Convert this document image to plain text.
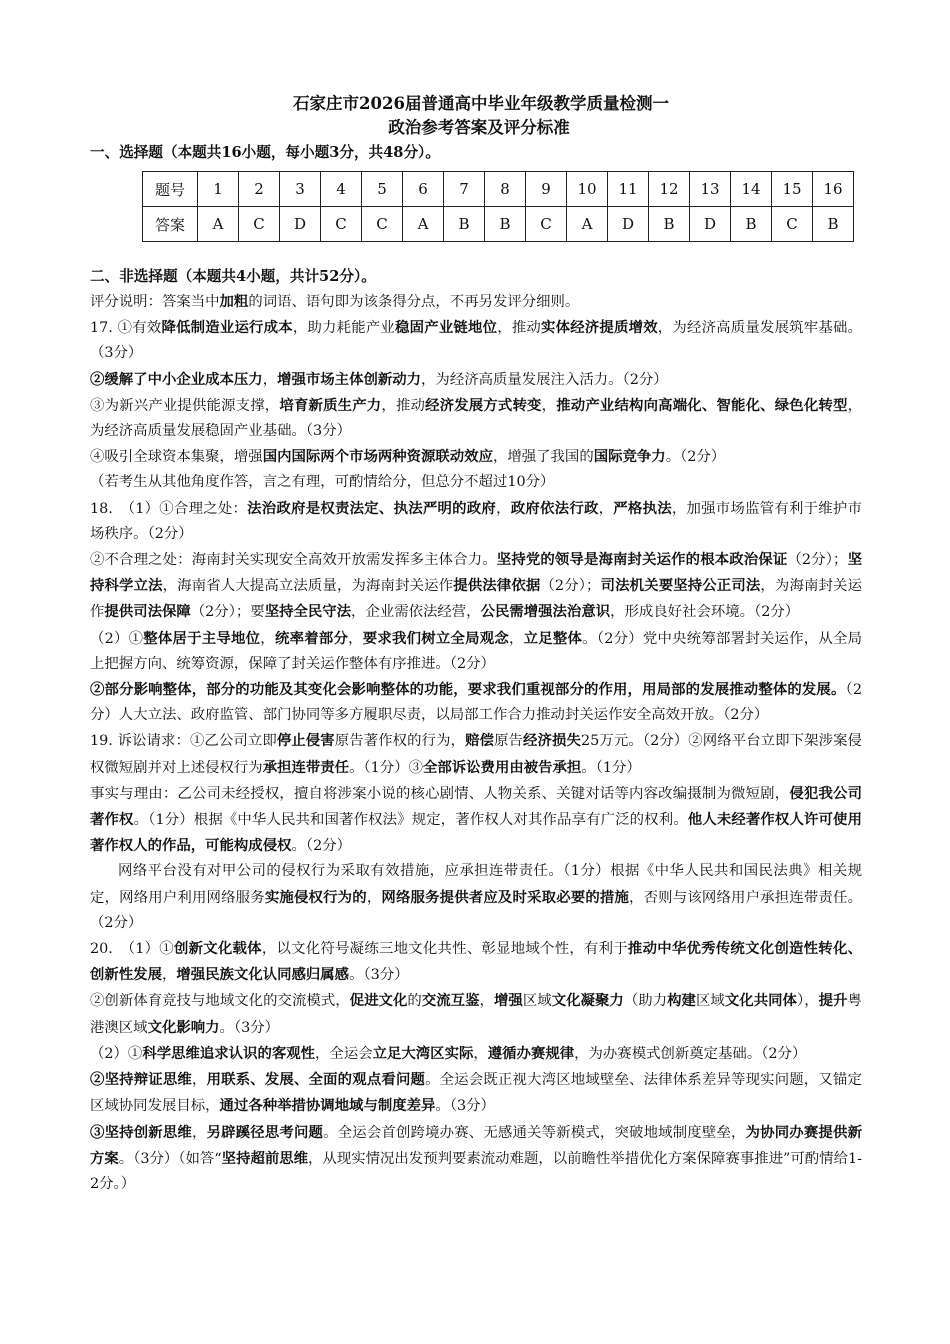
石家庄市2026届普通高中毕业年级教学质量检测一
政治参考答案及评分标准
一、选择题（本题共16小题，每小题3分，共48分）。
题号	1	2	3	4	5	6	7	8	9	10	11	12	13	14	15	16
答案	A	C	D	C	C	A	B	B	C	A	D	B	D	B	C	B
二、非选择题（本题共4小题，共计52分）。

评分说明：答案当中加粗的词语、语句即为该条得分点，不再另发评分细则。

17. ①有效降低制造业运行成本，助力耗能产业稳固产业链地位，推动实体经济提质增效，为经济高质量发展筑牢基础。（3分）

②缓解了中小企业成本压力，增强市场主体创新动力，为经济高质量发展注入活力。（2分）

③为新兴产业提供能源支撑，培育新质生产力，推动经济发展方式转变，推动产业结构向高端化、智能化、绿色化转型，为经济高质量发展稳固产业基础。（3分）

④吸引全球资本集聚，增强国内国际两个市场两种资源联动效应，增强了我国的国际竞争力。（2分）

（若考生从其他角度作答，言之有理，可酌情给分，但总分不超过10分）

18.　（1）①合理之处：法治政府是权责法定、执法严明的政府，政府依法行政，严格执法，加强市场监管有利于维护市场秩序。（2分）

②不合理之处：海南封关实现安全高效开放需发挥多主体合力。坚持党的领导是海南封关运作的根本政治保证（2分）；坚持科学立法，海南省人大提高立法质量，为海南封关运作提供法律依据（2分）；司法机关要坚持公正司法，为海南封关运作提供司法保障（2分）；要坚持全民守法，企业需依法经营，公民需增强法治意识，形成良好社会环境。（2分）

（2）①整体居于主导地位，统率着部分，要求我们树立全局观念，立足整体。（2分）党中央统筹部署封关运作，从全局上把握方向、统筹资源，保障了封关运作整体有序推进。（2分）

②部分影响整体，部分的功能及其变化会影响整体的功能，要求我们重视部分的作用，用局部的发展推动整体的发展。（2分）人大立法、政府监管、部门协同等多方履职尽责，以局部工作合力推动封关运作安全高效开放。（2分）

19. 诉讼请求：①乙公司立即停止侵害原告著作权的行为，赔偿原告经济损失25万元。（2分）②网络平台立即下架涉案侵权微短剧并对上述侵权行为承担连带责任。（1分）③全部诉讼费用由被告承担。（1分）

事实与理由：乙公司未经授权，擅自将涉案小说的核心剧情、人物关系、关键对话等内容改编摄制为微短剧，侵犯我公司著作权。（1分）根据《中华人民共和国著作权法》规定，著作权人对其作品享有广泛的权利。他人未经著作权人许可使用著作权人的作品，可能构成侵权。（2分）

网络平台没有对甲公司的侵权行为采取有效措施，应承担连带责任。（1分）根据《中华人民共和国民法典》相关规定，网络用户利用网络服务实施侵权行为的，网络服务提供者应及时采取必要的措施，否则与该网络用户承担连带责任。（2分）

20.　（1）①创新文化载体，以文化符号凝练三地文化共性、彰显地域个性，有利于推动中华优秀传统文化创造性转化、创新性发展，增强民族文化认同感归属感。（3分）

②创新体育竞技与地域文化的交流模式，促进文化的交流互鉴，增强区域文化凝聚力（助力构建区域文化共同体），提升粤港澳区域文化影响力。（3分）

（2）①科学思维追求认识的客观性，全运会立足大湾区实际，遵循办赛规律，为办赛模式创新奠定基础。（2分）

②坚持辩证思维，用联系、发展、全面的观点看问题。全运会既正视大湾区地域壁垒、法律体系差异等现实问题，又锚定区域协同发展目标，通过各种举措协调地域与制度差异。（3分）

③坚持创新思维，另辟蹊径思考问题。全运会首创跨境办赛、无感通关等新模式，突破地域制度壁垒，为协同办赛提供新方案。（3分）（如答“坚持超前思维，从现实情况出发预判要素流动难题，以前瞻性举措优化方案保障赛事推进”可酌情给1-2分。）
